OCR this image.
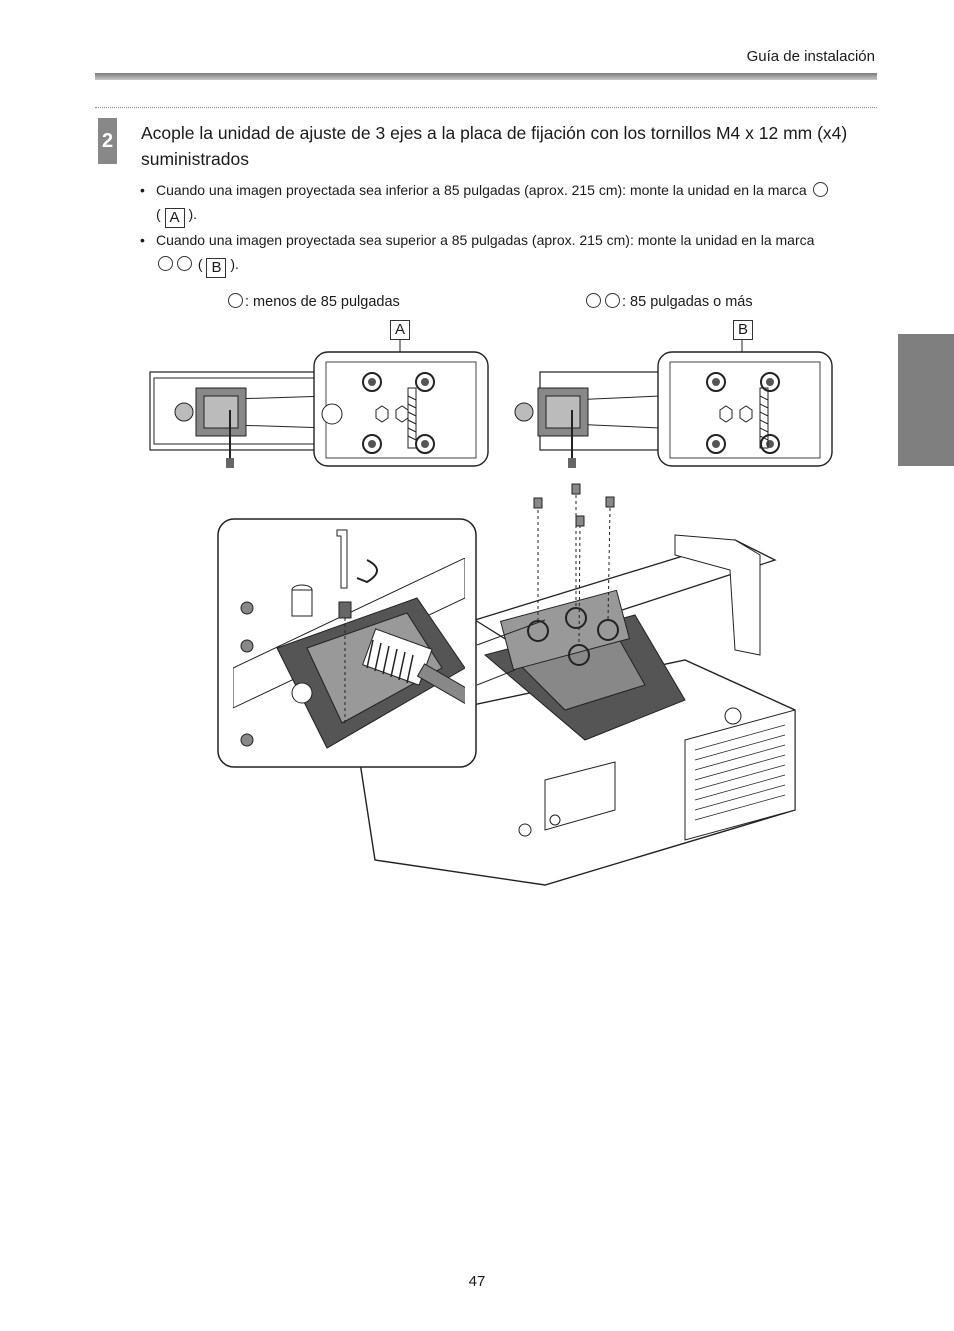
Guía de instalación
2 Acople la unidad de ajuste de 3 ejes a la placa de fijación con los tornillos M4 x 12 mm (x4) suministrados
• Cuando una imagen proyectada sea inferior a 85 pulgadas (aprox. 215 cm): monte la unidad en la marca
( A ).
• Cuando una imagen proyectada sea superior a 85 pulgadas (aprox. 215 cm): monte la unidad en la marca
( B ).
: menos de 85 pulgadas	: 85 pulgadas o más
A	B
47
